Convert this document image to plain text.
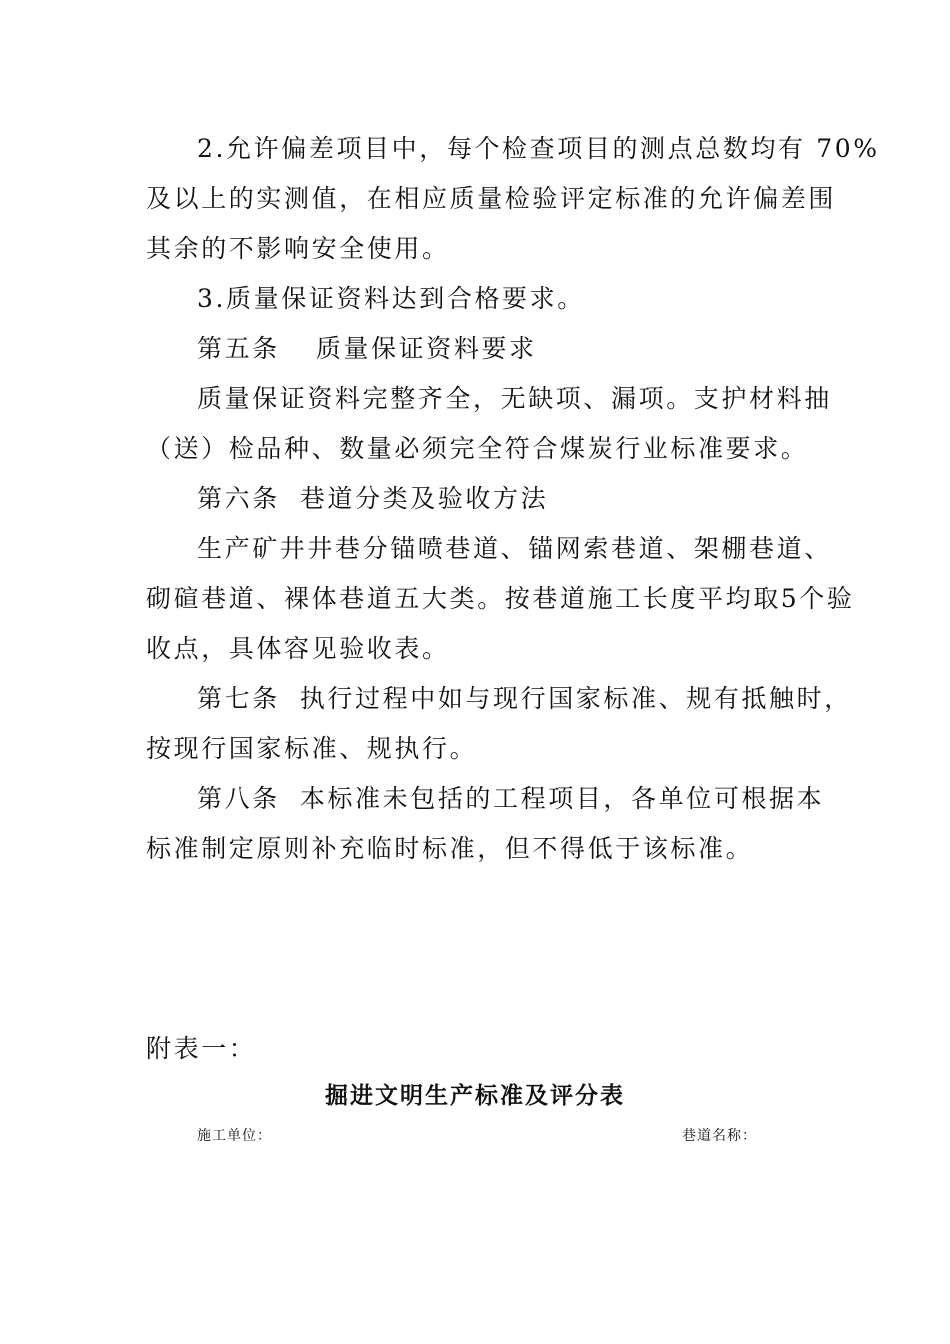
2.允许偏差项目中，每个检查项目的测点总数均有 70%
及以上的实测值，在相应质量检验评定标准的允许偏差围
其余的不影响安全使用。
3.质量保证资料达到合格要求。
第五条 质量保证资料要求
质量保证资料完整齐全，无缺项、漏项。支护材料抽
（送）检品种、数量必须完全符合煤炭行业标准要求。
第六条 巷道分类及验收方法
生产矿井井巷分锚喷巷道、锚网索巷道、架棚巷道、
砌碹巷道、裸体巷道五大类。按巷道施工长度平均取5个验
收点，具体容见验收表。
第七条 执行过程中如与现行国家标准、规有抵触时，
按现行国家标准、规执行。
第八条 本标准未包括的工程项目，各单位可根据本
标准制定原则补充临时标准，但不得低于该标准。
附表一：
掘进文明生产标准及评分表
施工单位：	巷道名称：
